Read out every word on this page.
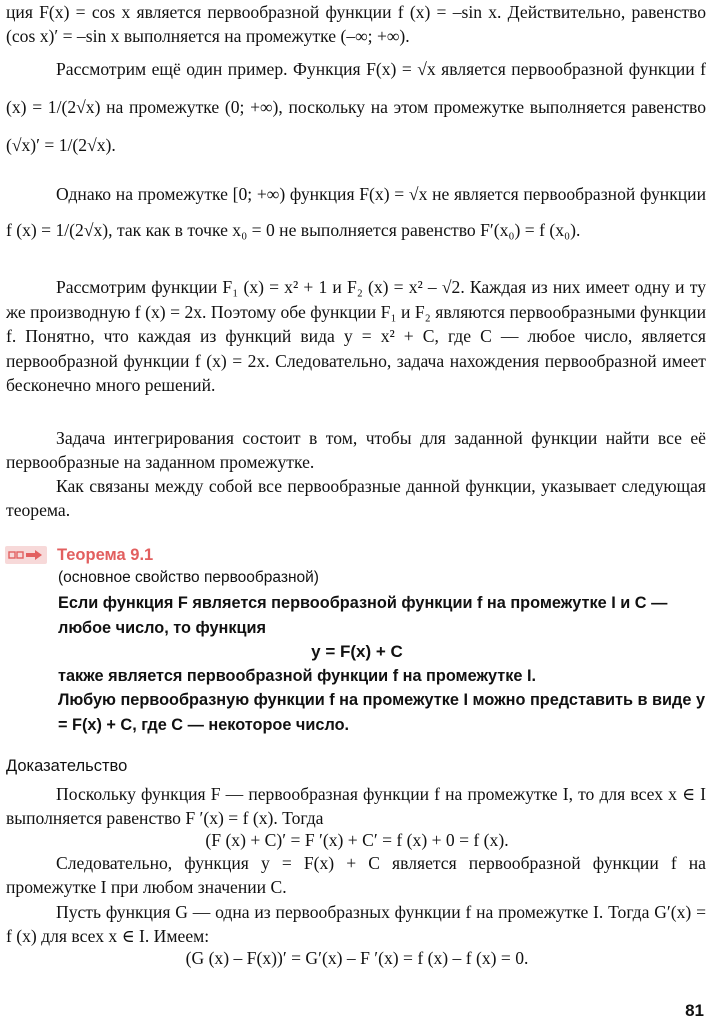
ция F(x) = cos x является первообразной функции f (x) = –sin x. Действительно, равенство (cos x)′ = –sin x выполняется на промежутке (–∞; +∞).

Рассмотрим ещё один пример. Функция F(x) = √x является первообразной функции f (x) = 1/(2√x) на промежутке (0; +∞), поскольку на этом промежутке выполняется равенство (√x)′ = 1/(2√x).

Однако на промежутке [0; +∞) функция F(x) = √x не является первообразной функции f (x) = 1/(2√x), так как в точке x₀ = 0 не выполняется равенство F′(x₀) = f (x₀).

Рассмотрим функции F₁ (x) = x² + 1 и F₂ (x) = x² – √2. Каждая из них имеет одну и ту же производную f (x) = 2x. Поэтому обе функции F₁ и F₂ являются первообразными функции f. Понятно, что каждая из функций вида y = x² + C, где C — любое число, является первообразной функции f (x) = 2x. Следовательно, задача нахождения первообразной имеет бесконечно много решений.

Задача интегрирования состоит в том, чтобы для заданной функции найти все её первообразные на заданном промежутке.

Как связаны между собой все первообразные данной функции, указывает следующая теорема.

Теорема 9.1
(основное свойство первообразной)
Если функция F является первообразной функции f на промежутке I и C — любое число, то функция
y = F(x) + C
также является первообразной функции f на промежутке I.
Любую первообразную функции f на промежутке I можно представить в виде y = F(x) + C, где C — некоторое число.
Доказательство

Поскольку функция F — первообразная функции f на промежутке I, то для всех x ∈ I выполняется равенство F ′(x) = f (x). Тогда

(F (x) + C)′ = F ′(x) + C′ = f (x) + 0 = f (x).

Следовательно, функция y = F(x) + C является первообразной функции f на промежутке I при любом значении C.

Пусть функция G — одна из первообразных функции f на промежутке I. Тогда G′(x) = f (x) для всех x ∈ I. Имеем:

(G (x) – F(x))′ = G′(x) – F ′(x) = f (x) – f (x) = 0.
81
